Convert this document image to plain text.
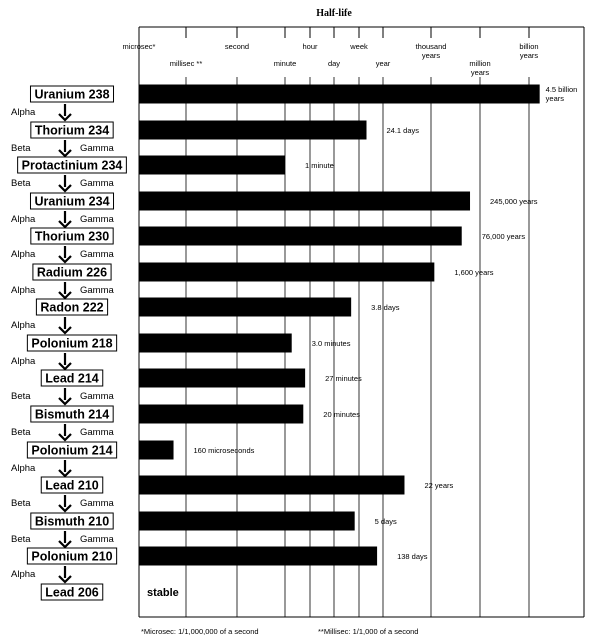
Half-life
microsec*
millisec **
second
minute
hour
day
week
year
thousand years
million years
billion years
4.5 billion years
24.1 days
1 minute
245,000 years
76,000 years
1,600 years
3.8 days
3.0 minutes
27 minutes
20 minutes
160 microseconds
22 years
5 days
138 days
stable
Uranium 238
Alpha
Thorium 234
Beta	Gamma
Protactinium 234
Beta	Gamma
Uranium 234
Alpha	Gamma
Thorium 230
Alpha	Gamma
Radium 226
Alpha	Gamma
Radon 222
Alpha
Polonium 218
Alpha
Lead 214
Beta	Gamma
Bismuth 214
Beta	Gamma
Polonium 214
Alpha
Lead 210
Beta	Gamma
Bismuth 210
Beta	Gamma
Polonium 210
Alpha
Lead 206
*Microsec: 1/1,000,000 of a second	**Millisec: 1/1,000 of a second
